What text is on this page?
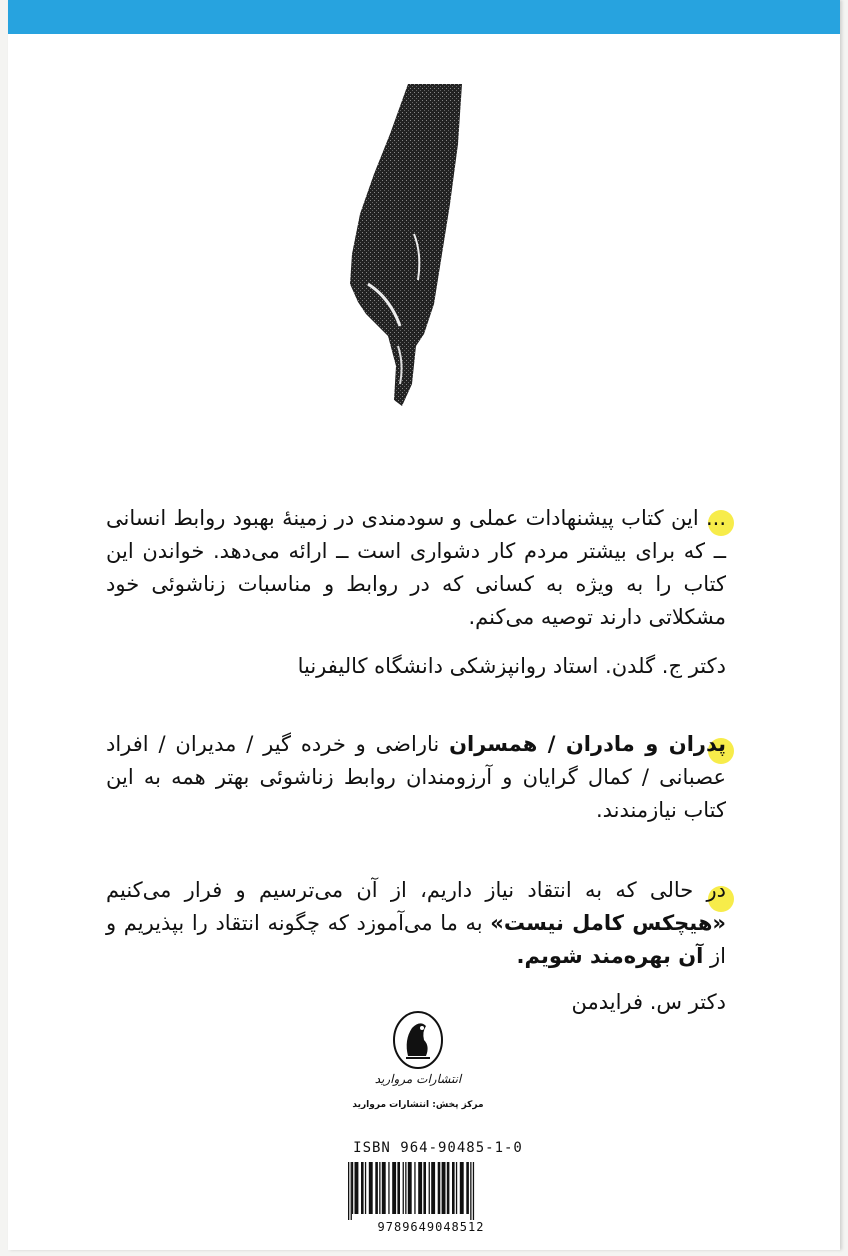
... این کتاب پیشنهادات عملی و سودمندی در زمینهٔ بهبود روابط انسانی ــ که برای بیشتر مردم کار دشواری است ــ ارائه می‌دهد. خواندن این کتاب را به ویژه به کسانی که در روابط و مناسبات زناشوئی خود مشکلاتی دارند توصیه می‌کنم.
دکتر ج. گلدن. استاد روانپزشکی دانشگاه کالیفرنیا
پدران و مادران / همسران ناراضی و خرده گیر / مدیران / افراد عصبانی / کمال گرایان و آرزومندان روابط زناشوئی بهتر همه به این کتاب نیازمندند.
در حالی که به انتقاد نیاز داریم، از آن می‌ترسیم و فرار می‌کنیم «هیچکس کامل نیست» به ما می‌آموزد که چگونه انتقاد را بپذیریم و از آن بهره‌مند شویم.
دکتر س. فرایدمن
انتشارات مروارید
مرکز پخش: انتشارات مروارید
ISBN 964-90485-1-0
9789649048512
